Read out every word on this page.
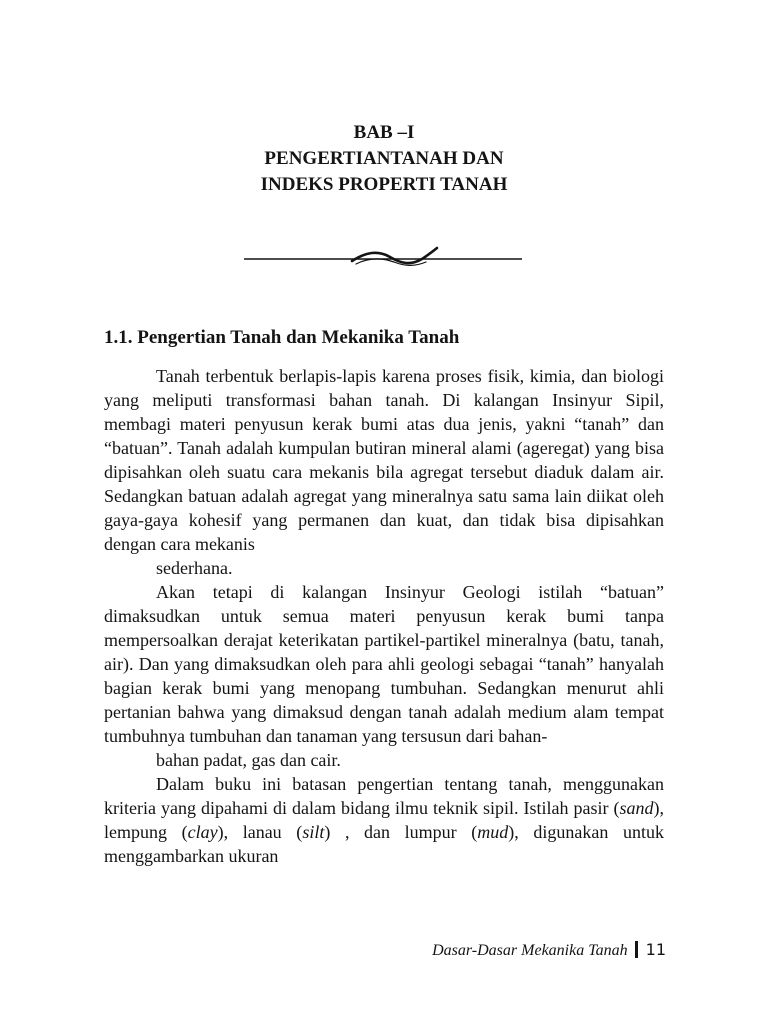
BAB –I
PENGERTIANTANAH DAN
INDEKS PROPERTI TANAH
1.1. Pengertian Tanah dan Mekanika Tanah

Tanah terbentuk berlapis-lapis karena proses fisik, kimia, dan biologi yang meliputi transformasi bahan tanah. Di kalangan Insinyur Sipil, membagi materi penyusun kerak bumi atas dua jenis, yakni “tanah” dan “batuan”. Tanah adalah kumpulan butiran mineral alami (ageregat) yang bisa dipisahkan oleh suatu cara mekanis bila agregat tersebut diaduk dalam air. Sedangkan batuan adalah agregat yang mineralnya satu sama lain diikat oleh gaya-gaya kohesif yang permanen dan kuat, dan tidak bisa dipisahkan dengan cara mekanis
sederhana.

Akan tetapi di kalangan Insinyur Geologi istilah “batuan” dimaksudkan untuk semua materi penyusun kerak bumi tanpa mempersoalkan derajat keterikatan partikel-partikel mineralnya (batu, tanah, air). Dan yang dimaksudkan oleh para ahli geologi sebagai “tanah” hanyalah bagian kerak bumi yang menopang tumbuhan. Sedangkan menurut ahli pertanian bahwa yang dimaksud dengan tanah adalah medium alam tempat tumbuhnya tumbuhan dan tanaman yang tersusun dari bahan-
bahan padat, gas dan cair.

Dalam buku ini batasan pengertian tentang tanah, menggunakan kriteria yang dipahami di dalam bidang ilmu teknik sipil. Istilah pasir (sand), lempung (clay), lanau (silt) , dan lumpur (mud), digunakan untuk menggambarkan ukuran

Dasar-Dasar Mekanika Tanah 11
